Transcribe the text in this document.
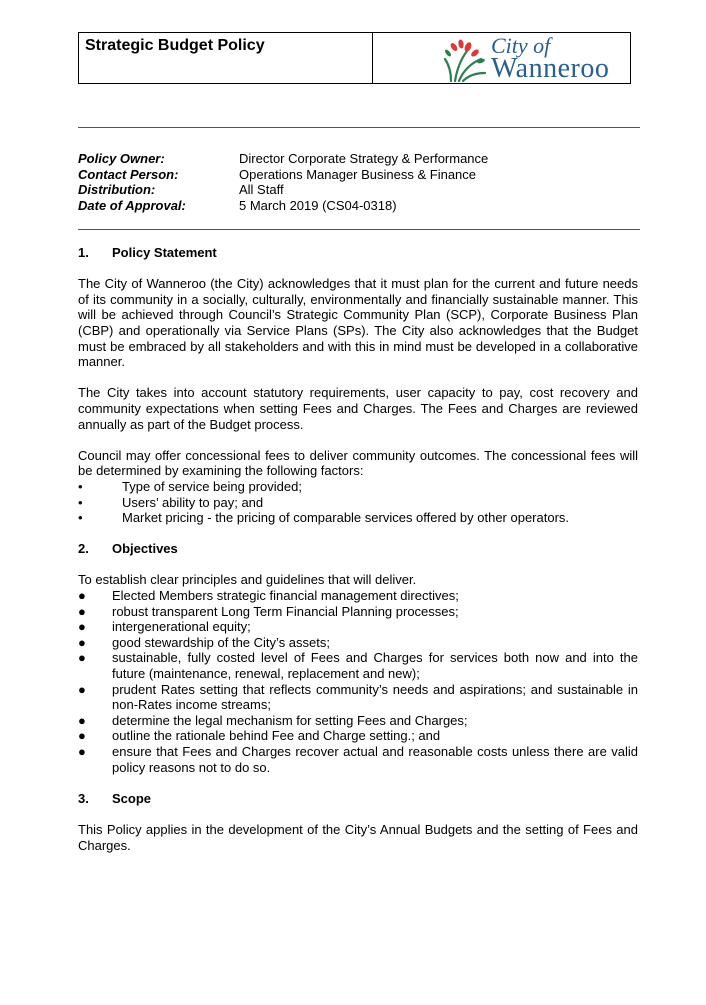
Strategic Budget Policy	City of
Wanneroo
Policy Owner:	Director Corporate Strategy & Performance
Contact Person:	Operations Manager Business & Finance
Distribution:	All Staff
Date of Approval:	5 March 2019 (CS04-0318)
1.	Policy Statement

The City of Wanneroo (the City) acknowledges that it must plan for the current and future needs of its community in a socially, culturally, environmentally and financially sustainable manner. This will be achieved through Council’s Strategic Community Plan (SCP), Corporate Business Plan (CBP) and operationally via Service Plans (SPs). The City also acknowledges that the Budget must be embraced by all stakeholders and with this in mind must be developed in a collaborative manner.

The City takes into account statutory requirements, user capacity to pay, cost recovery and community expectations when setting Fees and Charges. The Fees and Charges are reviewed annually as part of the Budget process.

Council may offer concessional fees to deliver community outcomes. The concessional fees will be determined by examining the following factors:

•	Type of service being provided;
•	Users’ ability to pay; and
•	Market pricing - the pricing of comparable services offered by other operators.
2.	Objectives

To establish clear principles and guidelines that will deliver.

●	Elected Members strategic financial management directives;
●	robust transparent Long Term Financial Planning processes;
●	intergenerational equity;
●	good stewardship of the City’s assets;
●	sustainable, fully costed level of Fees and Charges for services both now and into the future (maintenance, renewal, replacement and new);
●	prudent Rates setting that reflects community’s needs and aspirations; and sustainable in non-Rates income streams;
●	determine the legal mechanism for setting Fees and Charges;
●	outline the rationale behind Fee and Charge setting.; and
●	ensure that Fees and Charges recover actual and reasonable costs unless there are valid policy reasons not to do so.
3.	Scope

This Policy applies in the development of the City’s Annual Budgets and the setting of Fees and Charges.
